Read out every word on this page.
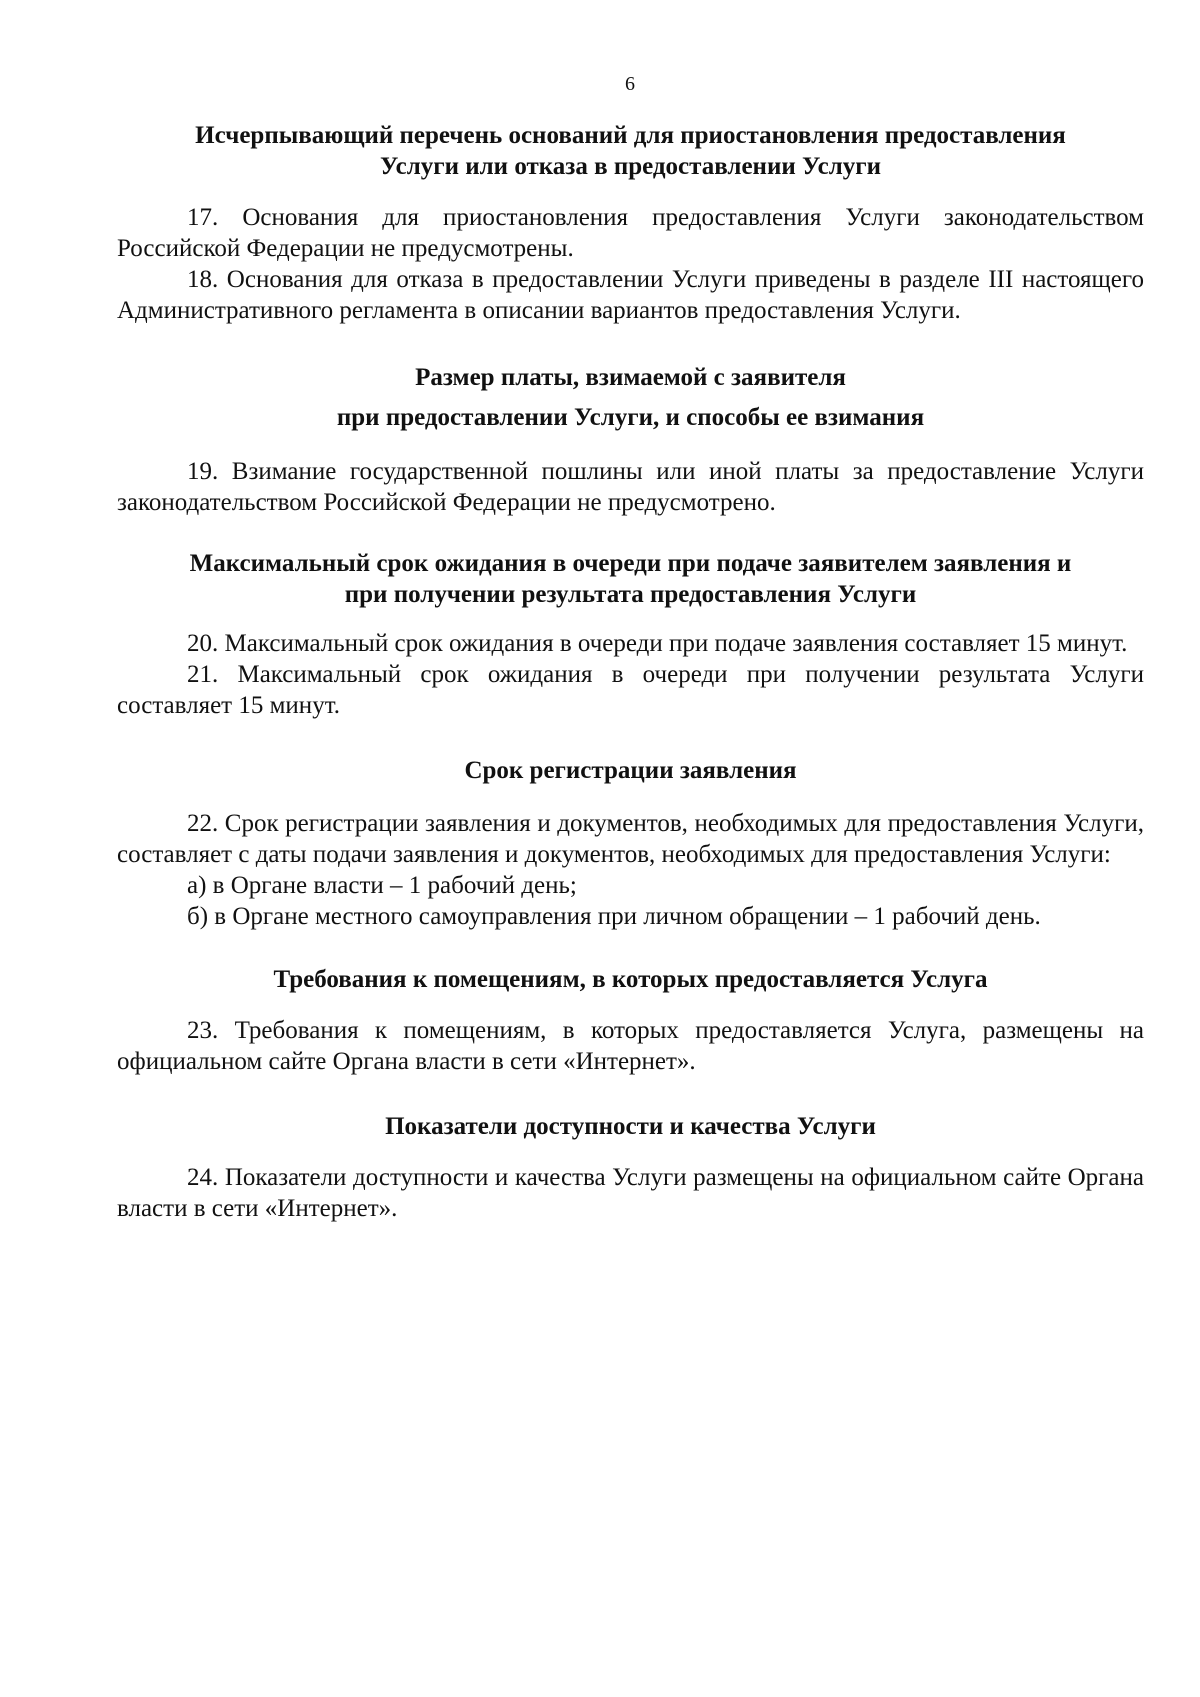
6
Исчерпывающий перечень оснований для приостановления предоставления
Услуги или отказа в предоставлении Услуги

17. Основания для приостановления предоставления Услуги законодательством Российской Федерации не предусмотрены.

18. Основания для отказа в предоставлении Услуги приведены в разделе III настоящего Административного регламента в описании вариантов предоставления Услуги.

Размер платы, взимаемой с заявителя
при предоставлении Услуги, и способы ее взимания

19. Взимание государственной пошлины или иной платы за предоставление Услуги законодательством Российской Федерации не предусмотрено.

Максимальный срок ожидания в очереди при подаче заявителем заявления и
при получении результата предоставления Услуги

20. Максимальный срок ожидания в очереди при подаче заявления составляет 15 минут.

21. Максимальный срок ожидания в очереди при получении результата Услуги составляет 15 минут.

Срок регистрации заявления

22. Срок регистрации заявления и документов, необходимых для предоставления Услуги, составляет с даты подачи заявления и документов, необходимых для предоставления Услуги:

а) в Органе власти – 1 рабочий день;

б) в Органе местного самоуправления при личном обращении – 1 рабочий день.

Требования к помещениям, в которых предоставляется Услуга

23. Требования к помещениям, в которых предоставляется Услуга, размещены на официальном сайте Органа власти в сети «Интернет».

Показатели доступности и качества Услуги

24. Показатели доступности и качества Услуги размещены на официальном сайте Органа власти в сети «Интернет».
